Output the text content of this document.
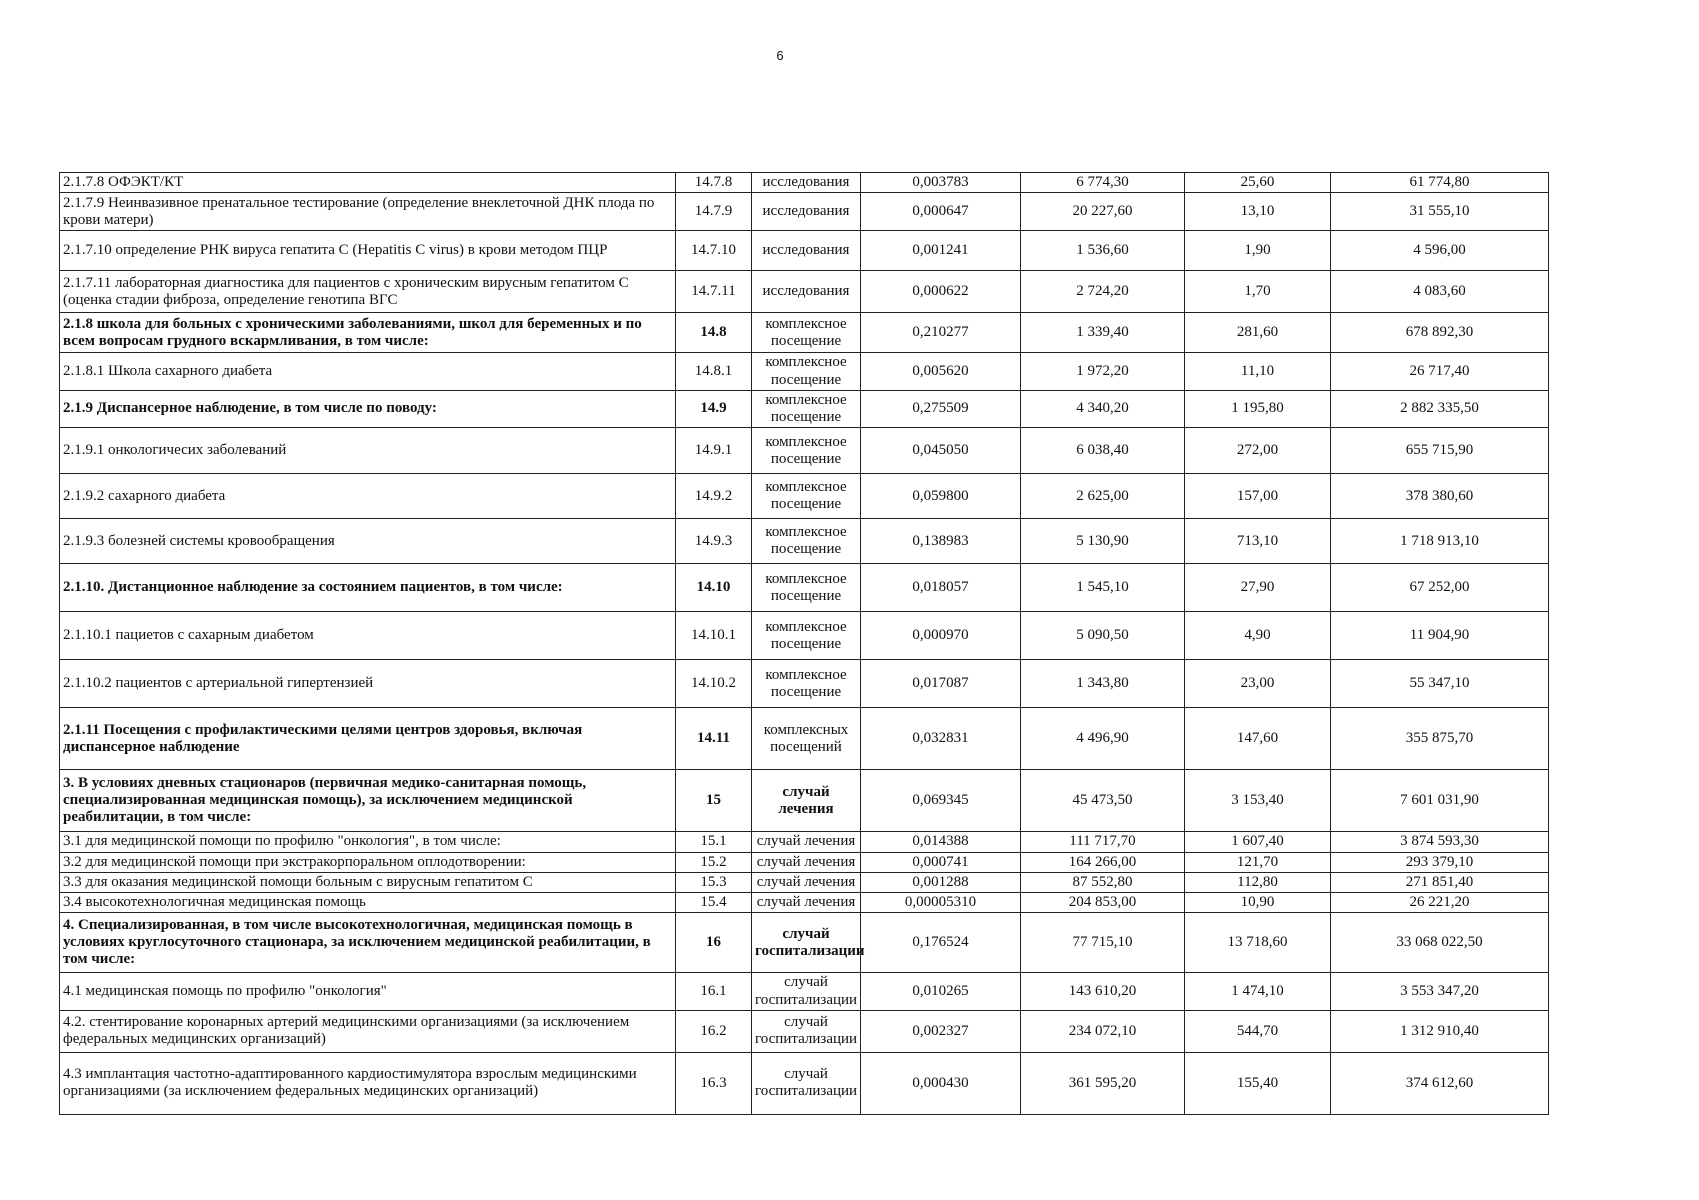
6
2.1.7.8 ОФЭКТ/КТ	14.7.8	исследования	0,003783	6 774,30	25,60	61 774,80
2.1.7.9 Неинвазивное пренатальное тестирование (определение внеклеточной ДНК плода по крови матери)	14.7.9	исследования	0,000647	20 227,60	13,10	31 555,10
2.1.7.10 определение РНК вируса гепатита C (Hepatitis C virus) в крови методом ПЦР	14.7.10	исследования	0,001241	1 536,60	1,90	4 596,00
2.1.7.11 лабораторная диагностика для пациентов с хроническим вирусным гепатитом С (оценка стадии фиброза, определение генотипа ВГС	14.7.11	исследования	0,000622	2 724,20	1,70	4 083,60
2.1.8 школа для больных с хроническими заболеваниями, школ для беременных и по всем вопросам грудного вскармливания, в том числе:	14.8	комплексное посещение	0,210277	1 339,40	281,60	678 892,30
2.1.8.1 Школа сахарного диабета	14.8.1	комплексное посещение	0,005620	1 972,20	11,10	26 717,40
2.1.9 Диспансерное наблюдение, в том числе по поводу:	14.9	комплексное посещение	0,275509	4 340,20	1 195,80	2 882 335,50
2.1.9.1 онкологичесих заболеваний	14.9.1	комплексное посещение	0,045050	6 038,40	272,00	655 715,90
2.1.9.2 сахарного диабета	14.9.2	комплексное посещение	0,059800	2 625,00	157,00	378 380,60
2.1.9.3 болезней системы кровообращения	14.9.3	комплексное посещение	0,138983	5 130,90	713,10	1 718 913,10
2.1.10. Дистанционное наблюдение за состоянием пациентов, в том числе:	14.10	комплексное посещение	0,018057	1 545,10	27,90	67 252,00
2.1.10.1 пациетов с сахарным диабетом	14.10.1	комплексное посещение	0,000970	5 090,50	4,90	11 904,90
2.1.10.2 пациентов с артериальной гипертензией	14.10.2	комплексное посещение	0,017087	1 343,80	23,00	55 347,10
2.1.11 Посещения с профилактическими целями центров здоровья, включая диспансерное наблюдение	14.11	комплексных посещений	0,032831	4 496,90	147,60	355 875,70
3. В условиях дневных стационаров (первичная медико-санитарная помощь, специализированная медицинская помощь), за исключением медицинской реабилитации, в том числе:	15	случай лечения	0,069345	45 473,50	3 153,40	7 601 031,90
3.1 для медицинской помощи по профилю "онкология", в том числе:	15.1	случай лечения	0,014388	111 717,70	1 607,40	3 874 593,30
3.2 для медицинской помощи при экстракорпоральном оплодотворении:	15.2	случай лечения	0,000741	164 266,00	121,70	293 379,10
3.3 для оказания медицинской помощи больным с вирусным гепатитом С	15.3	случай лечения	0,001288	87 552,80	112,80	271 851,40
3.4 высокотехнологичная медицинская помощь	15.4	случай лечения	0,00005310	204 853,00	10,90	26 221,20
4. Специализированная, в том числе высокотехнологичная, медицинская помощь в условиях круглосуточного стационара, за исключением медицинской реабилитации, в том числе:	16	случай госпитализации	0,176524	77 715,10	13 718,60	33 068 022,50
4.1 медицинская помощь по профилю "онкология"	16.1	случай госпитализации	0,010265	143 610,20	1 474,10	3 553 347,20
4.2. стентирование коронарных артерий медицинскими организациями (за исключением федеральных медицинских организаций)	16.2	случай госпитализации	0,002327	234 072,10	544,70	1 312 910,40
4.3 имплантация частотно-адаптированного кардиостимулятора взрослым медицинскими организациями (за исключением федеральных медицинских организаций)	16.3	случай госпитализации	0,000430	361 595,20	155,40	374 612,60
